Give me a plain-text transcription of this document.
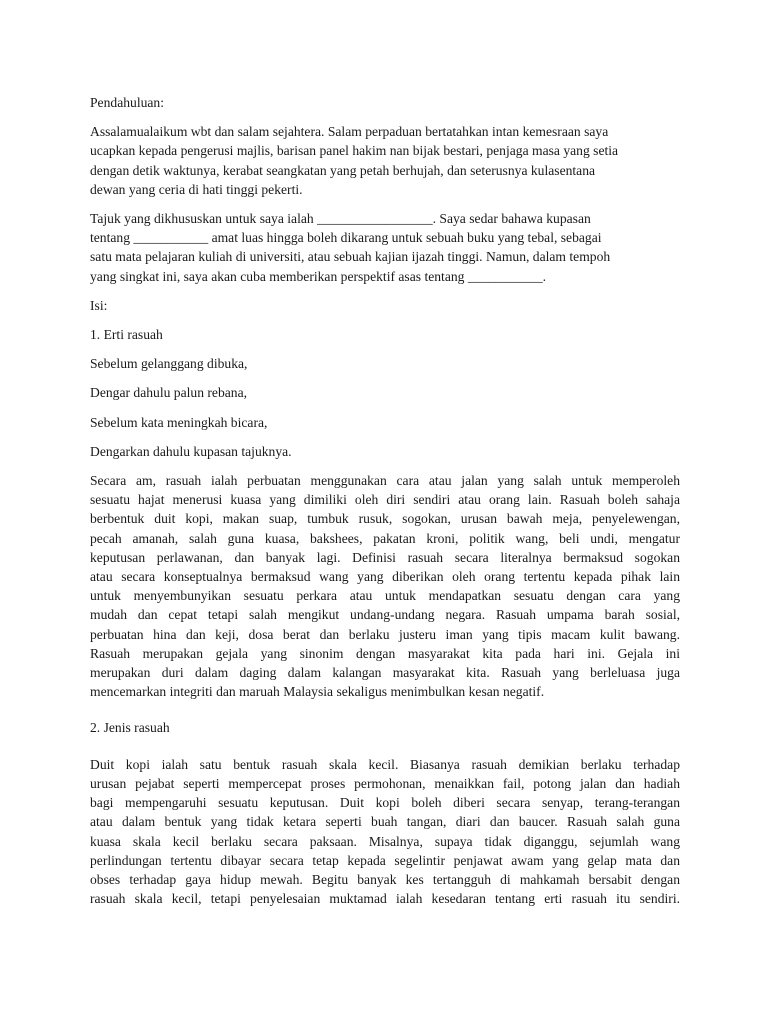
Pendahuluan:

Assalamualaikum wbt dan salam sejahtera. Salam perpaduan bertatahkan intan kemesraan saya
ucapkan kepada pengerusi majlis, barisan panel hakim nan bijak bestari, penjaga masa yang setia
dengan detik waktunya, kerabat seangkatan yang petah berhujah, dan seterusnya kulasentana
dewan yang ceria di hati tinggi pekerti.

Tajuk yang dikhususkan untuk saya ialah _________________. Saya sedar bahawa kupasan
tentang ___________ amat luas hingga boleh dikarang untuk sebuah buku yang tebal, sebagai
satu mata pelajaran kuliah di universiti, atau sebuah kajian ijazah tinggi. Namun, dalam tempoh
yang singkat ini, saya akan cuba memberikan perspektif asas tentang ___________.

Isi:

1. Erti rasuah

Sebelum gelanggang dibuka,

Dengar dahulu palun rebana,

Sebelum kata meningkah bicara,

Dengarkan dahulu kupasan tajuknya.

Secara am, rasuah ialah perbuatan menggunakan cara atau jalan yang salah untuk memperoleh
sesuatu hajat menerusi kuasa yang dimiliki oleh diri sendiri atau orang lain. Rasuah boleh sahaja
berbentuk duit kopi, makan suap, tumbuk rusuk, sogokan, urusan bawah meja, penyelewengan,
pecah amanah, salah guna kuasa, bakshees, pakatan kroni, politik wang, beli undi, mengatur
keputusan perlawanan, dan banyak lagi. Definisi rasuah secara literalnya bermaksud sogokan
atau secara konseptualnya bermaksud wang yang diberikan oleh orang tertentu kepada pihak lain
untuk menyembunyikan sesuatu perkara atau untuk mendapatkan sesuatu dengan cara yang
mudah dan cepat tetapi salah mengikut undang-undang negara. Rasuah umpama barah sosial,
perbuatan hina dan keji, dosa berat dan berlaku justeru iman yang tipis macam kulit bawang.
Rasuah merupakan gejala yang sinonim dengan masyarakat kita pada hari ini. Gejala ini
merupakan duri dalam daging dalam kalangan masyarakat kita. Rasuah yang berleluasa juga
mencemarkan integriti dan maruah Malaysia sekaligus menimbulkan kesan negatif.

2. Jenis rasuah

Duit kopi ialah satu bentuk rasuah skala kecil. Biasanya rasuah demikian berlaku terhadap
urusan pejabat seperti mempercepat proses permohonan, menaikkan fail, potong jalan dan hadiah
bagi mempengaruhi sesuatu keputusan. Duit kopi boleh diberi secara senyap, terang-terangan
atau dalam bentuk yang tidak ketara seperti buah tangan, diari dan baucer. Rasuah salah guna
kuasa skala kecil berlaku secara paksaan. Misalnya, supaya tidak diganggu, sejumlah wang
perlindungan tertentu dibayar secara tetap kepada segelintir penjawat awam yang gelap mata dan
obses terhadap gaya hidup mewah. Begitu banyak kes tertangguh di mahkamah bersabit dengan
rasuah skala kecil, tetapi penyelesaian muktamad ialah kesedaran tentang erti rasuah itu sendiri.
